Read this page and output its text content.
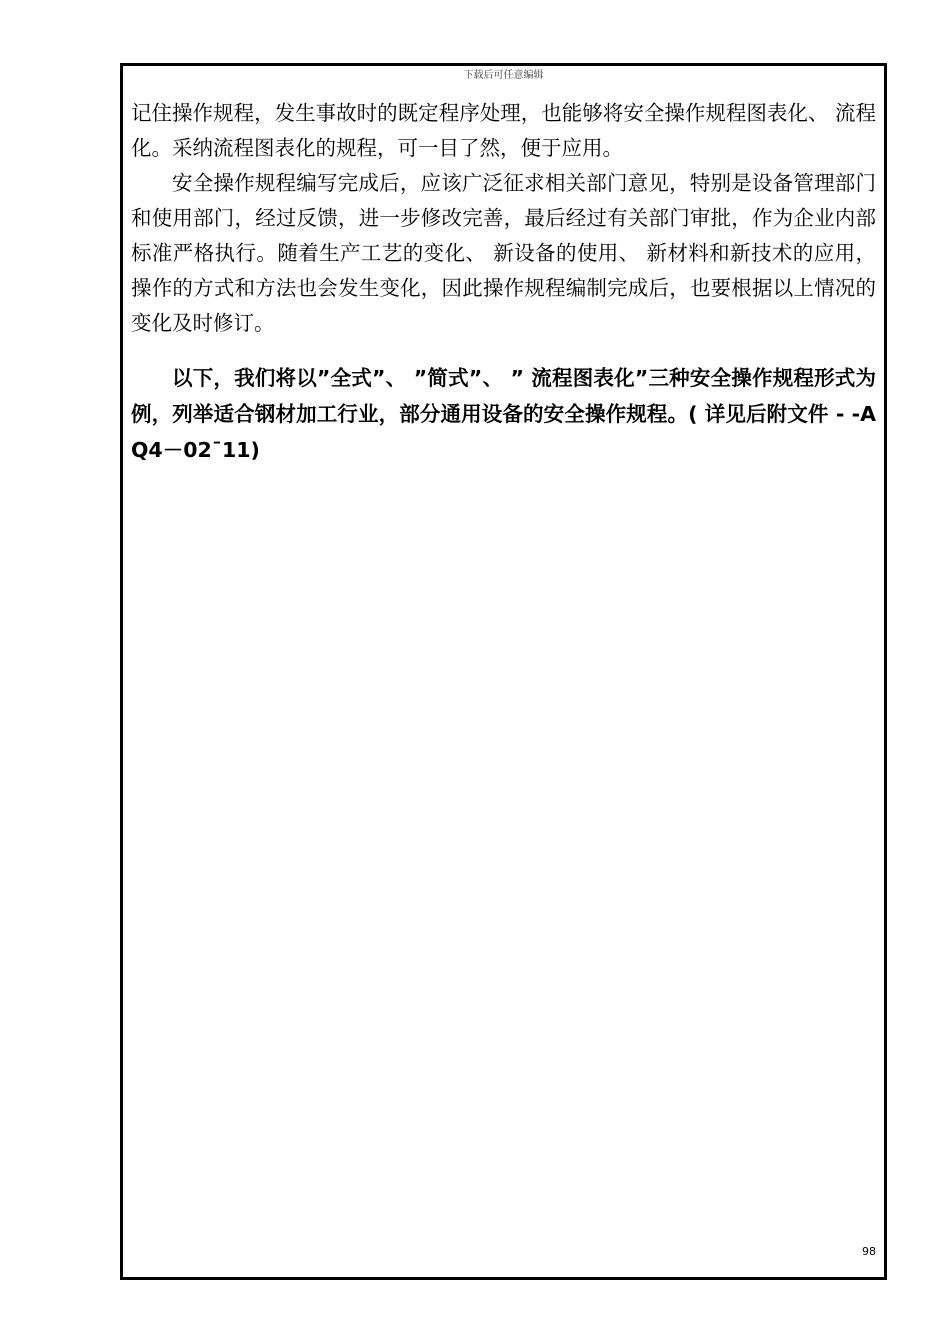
下载后可任意编辑

记住操作规程，发生事故时的既定程序处理，也能够将安全操作规程图表化、 流程化。采纳流程图表化的规程，可一目了然，便于应用。

安全操作规程编写完成后，应该广泛征求相关部门意见，特别是设备管理部门和使用部门，经过反馈，进一步修改完善，最后经过有关部门审批，作为企业内部标准严格执行。随着生产工艺的变化、 新设备的使用、 新材料和新技术的应用，操作的方式和方法也会发生变化，因此操作规程编制完成后，也要根据以上情况的变化及时修订。

以下，我们将以”全式”、 ”简式”、 ” 流程图表化”三种安全操作规程形式为例，列举适合钢材加工行业，部分通用设备的安全操作规程。( 详见后附文件 - -AQ4－02¯11)

98
